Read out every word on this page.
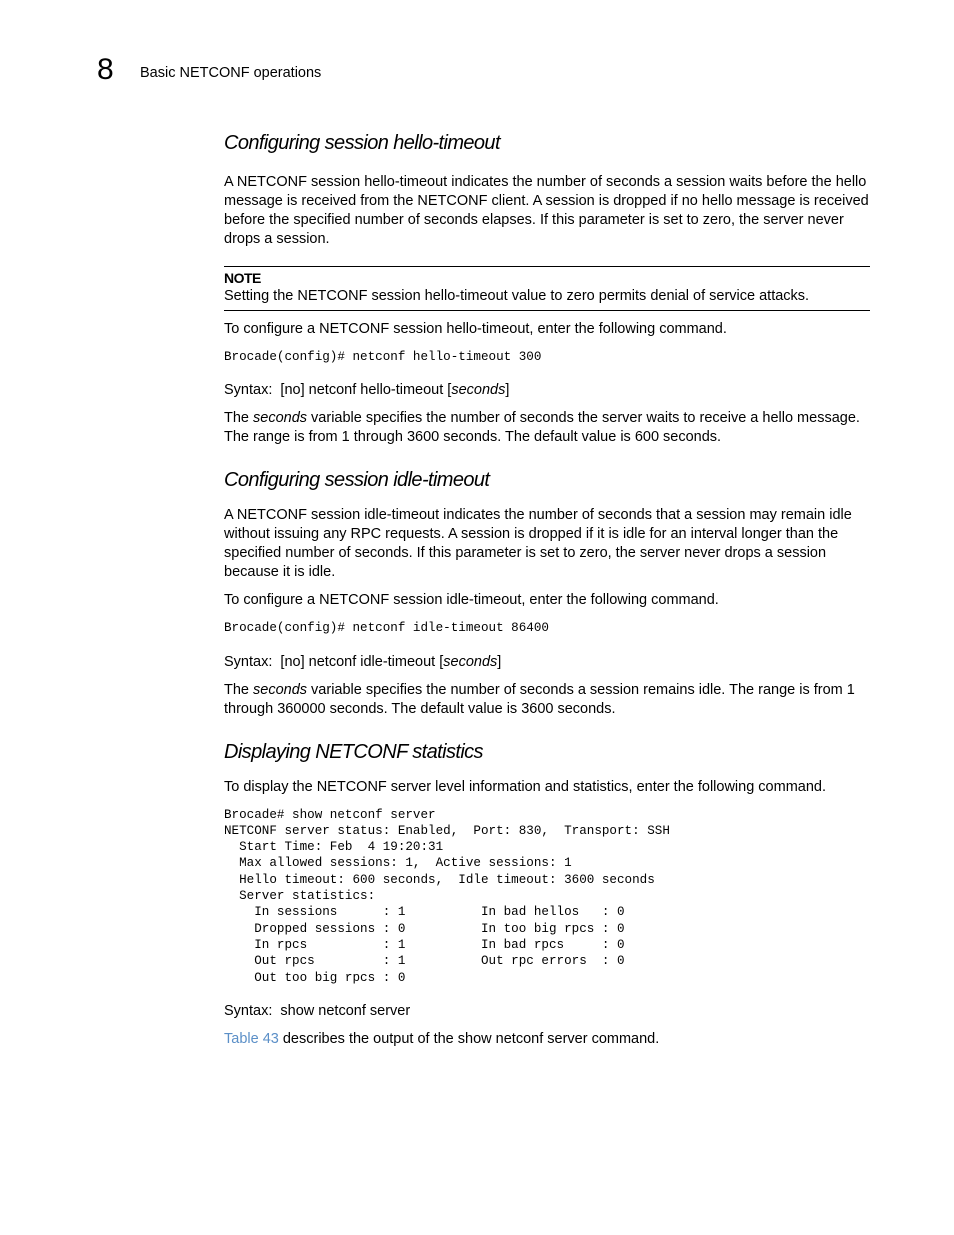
8 Basic NETCONF operations
Configuring session hello-timeout

A NETCONF session hello-timeout indicates the number of seconds a session waits before the hello message is received from the NETCONF client. A session is dropped if no hello message is received before the specified number of seconds elapses. If this parameter is set to zero, the server never drops a session.

NOTE

Setting the NETCONF session hello-timeout value to zero permits denial of service attacks.

To configure a NETCONF session hello-timeout, enter the following command.

Brocade(config)# netconf hello-timeout 300
Syntax: [no] netconf hello-timeout [seconds]

The seconds variable specifies the number of seconds the server waits to receive a hello message. The range is from 1 through 3600 seconds. The default value is 600 seconds.

Configuring session idle-timeout

A NETCONF session idle-timeout indicates the number of seconds that a session may remain idle without issuing any RPC requests. A session is dropped if it is idle for an interval longer than the specified number of seconds. If this parameter is set to zero, the server never drops a session because it is idle.

To configure a NETCONF session idle-timeout, enter the following command.

Brocade(config)# netconf idle-timeout 86400
Syntax: [no] netconf idle-timeout [seconds]

The seconds variable specifies the number of seconds a session remains idle. The range is from 1 through 360000 seconds. The default value is 3600 seconds.

Displaying NETCONF statistics

To display the NETCONF server level information and statistics, enter the following command.

Brocade# show netconf server
NETCONF server status: Enabled,  Port: 830,  Transport: SSH
Start Time: Feb  4 19:20:31
Max allowed sessions: 1,  Active sessions: 1
Hello timeout: 600 seconds,  Idle timeout: 3600 seconds
Server statistics:
In sessions      : 1          In bad hellos   : 0
Dropped sessions : 0          In too big rpcs : 0
In rpcs          : 1          In bad rpcs     : 0
Out rpcs         : 1          Out rpc errors  : 0
Out too big rpcs : 0
Syntax: show netconf server

Table 43 describes the output of the show netconf server command.
